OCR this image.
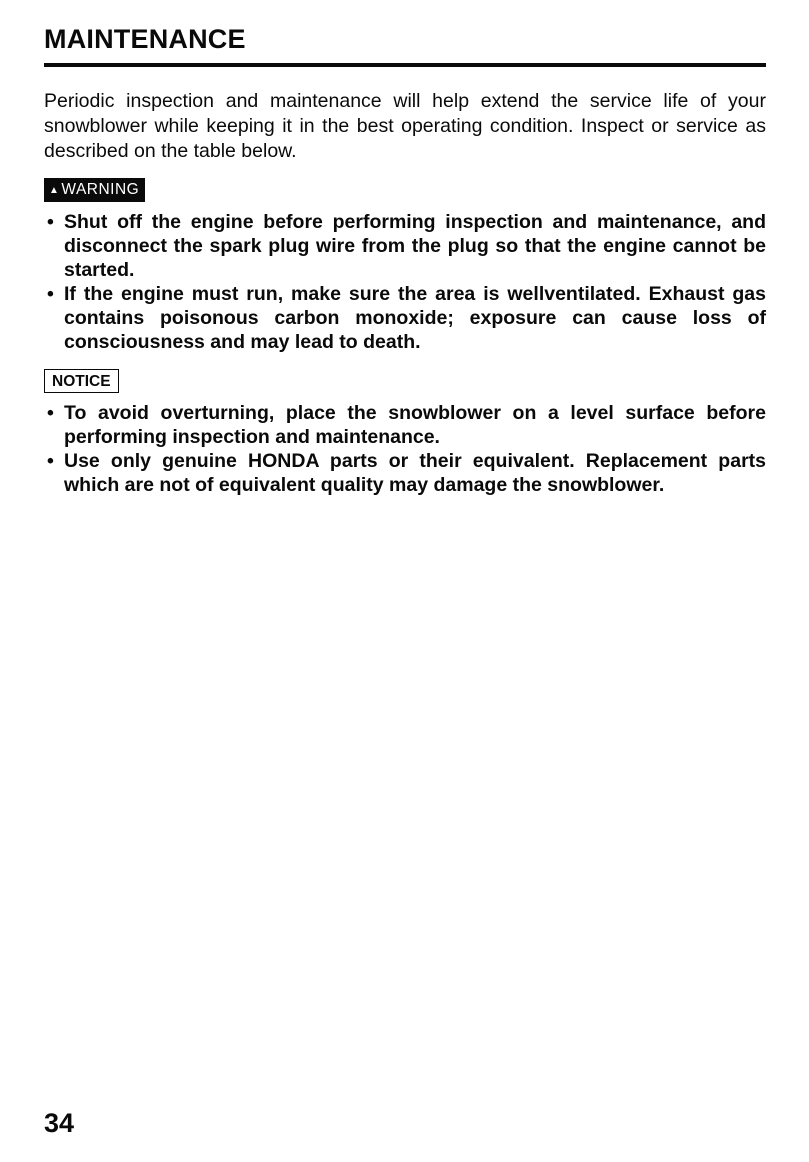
MAINTENANCE

Periodic inspection and maintenance will help extend the service life of your snowblower while keeping it in the best operating condition. Inspect or service as described on the table below.

▲ WARNING
• Shut off the engine before performing inspection and maintenance, and disconnect the spark plug wire from the plug so that the engine cannot be started.
• If the engine must run, make sure the area is wellventilated. Exhaust gas contains poisonous carbon monoxide; exposure can cause loss of consciousness and may lead to death.
NOTICE
• To avoid overturning, place the snowblower on a level surface before performing inspection and maintenance.
• Use only genuine HONDA parts or their equivalent. Replacement parts which are not of equivalent quality may damage the snowblower.
34
